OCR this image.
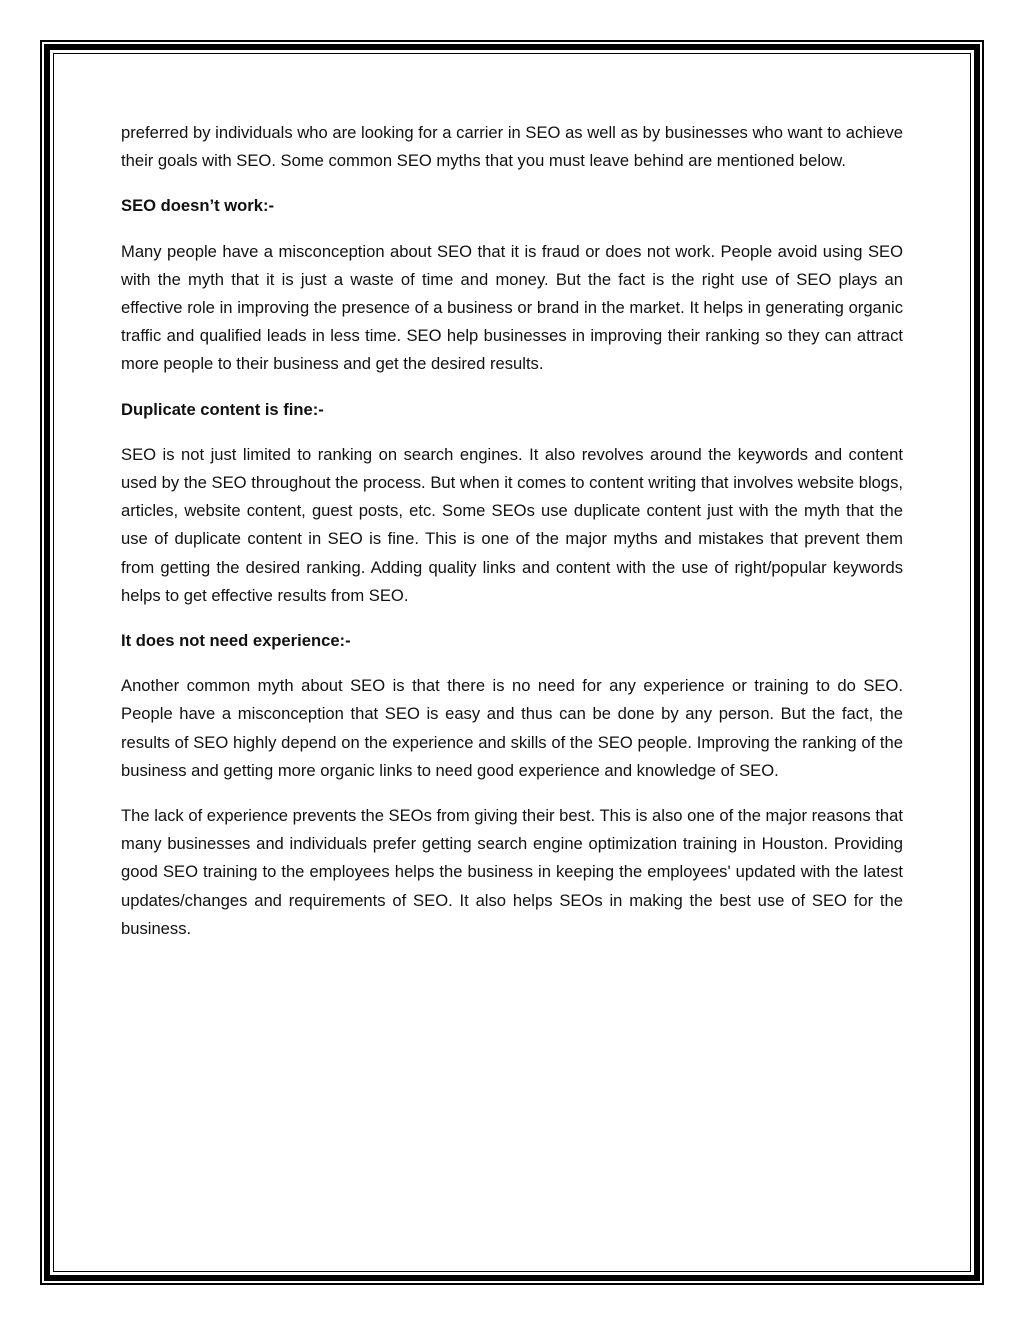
preferred by individuals who are looking for a carrier in SEO as well as by businesses who want to achieve their goals with SEO. Some common SEO myths that you must leave behind are mentioned below.

SEO doesn’t work:-

Many people have a misconception about SEO that it is fraud or does not work. People avoid using SEO with the myth that it is just a waste of time and money. But the fact is the right use of SEO plays an effective role in improving the presence of a business or brand in the market. It helps in generating organic traffic and qualified leads in less time. SEO help businesses in improving their ranking so they can attract more people to their business and get the desired results.

Duplicate content is fine:-

SEO is not just limited to ranking on search engines. It also revolves around the keywords and content used by the SEO throughout the process. But when it comes to content writing that involves website blogs, articles, website content, guest posts, etc. Some SEOs use duplicate content just with the myth that the use of duplicate content in SEO is fine. This is one of the major myths and mistakes that prevent them from getting the desired ranking. Adding quality links and content with the use of right/popular keywords helps to get effective results from SEO.

It does not need experience:-

Another common myth about SEO is that there is no need for any experience or training to do SEO. People have a misconception that SEO is easy and thus can be done by any person. But the fact, the results of SEO highly depend on the experience and skills of the SEO people. Improving the ranking of the business and getting more organic links to need good experience and knowledge of SEO.

The lack of experience prevents the SEOs from giving their best. This is also one of the major reasons that many businesses and individuals prefer getting search engine optimization training in Houston. Providing good SEO training to the employees helps the business in keeping the employees' updated with the latest updates/changes and requirements of SEO. It also helps SEOs in making the best use of SEO for the business.
